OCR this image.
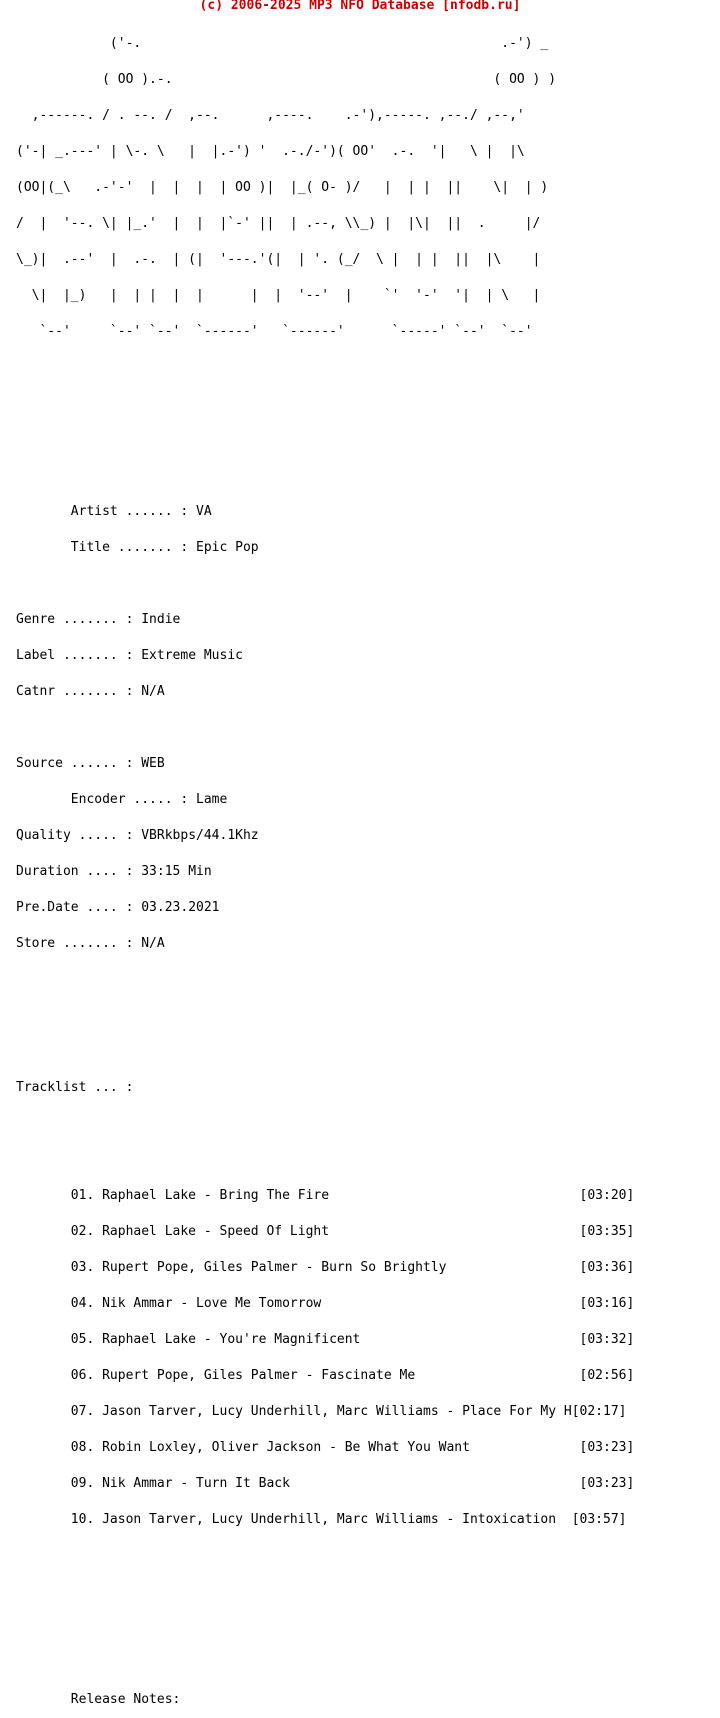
(c) 2006-2025 MP3 NFO Database [nfodb.ru]

('-.                                              .-') _

( OO ).-.                                         ( OO ) )

,------. / . --. /  ,--.      ,----.    .-'),-----. ,--./ ,--,'

('-| _.---' | \-. \   |  |.-') '  .-./-')( OO'  .-.  '|   \ |  |\

(OO|(_\   .-'-'  |  |  |  | OO )|  |_( O- )/   |  | |  ||    \|  | )

/  |  '--. \| |_.'  |  |  |`-' ||  | .--, \\_) |  |\|  ||  .     |/

\_)|  .--'  |  .-.  | (|  '---.'(|  | '. (_/  \ |  | |  ||  |\    |

\|  |_)   |  | |  |  |      |  |  '--'  |    `'  '-'  '|  | \   |

`--'     `--' `--'  `------'   `------'      `-----' `--'  `--'

Artist ...... : VA

Title ....... : Epic Pop

Genre ....... : Indie

Label ....... : Extreme Music

Catnr ....... : N/A

Source ...... : WEB

Encoder ..... : Lame

Quality ..... : VBRkbps/44.1Khz

Duration .... : 33:15 Min

Pre.Date .... : 03.23.2021

Store ....... : N/A

Tracklist ... :

01. Raphael Lake - Bring The Fire                                [03:20]

02. Raphael Lake - Speed Of Light                                [03:35]

03. Rupert Pope, Giles Palmer - Burn So Brightly                 [03:36]

04. Nik Ammar - Love Me Tomorrow                                 [03:16]

05. Raphael Lake - You're Magnificent                            [03:32]

06. Rupert Pope, Giles Palmer - Fascinate Me                     [02:56]

07. Jason Tarver, Lucy Underhill, Marc Williams - Place For My H[02:17]

08. Robin Loxley, Oliver Jackson - Be What You Want              [03:23]

09. Nik Ammar - Turn It Back                                     [03:23]

10. Jason Tarver, Lucy Underhill, Marc Williams - Intoxication  [03:57]

Release Notes:
